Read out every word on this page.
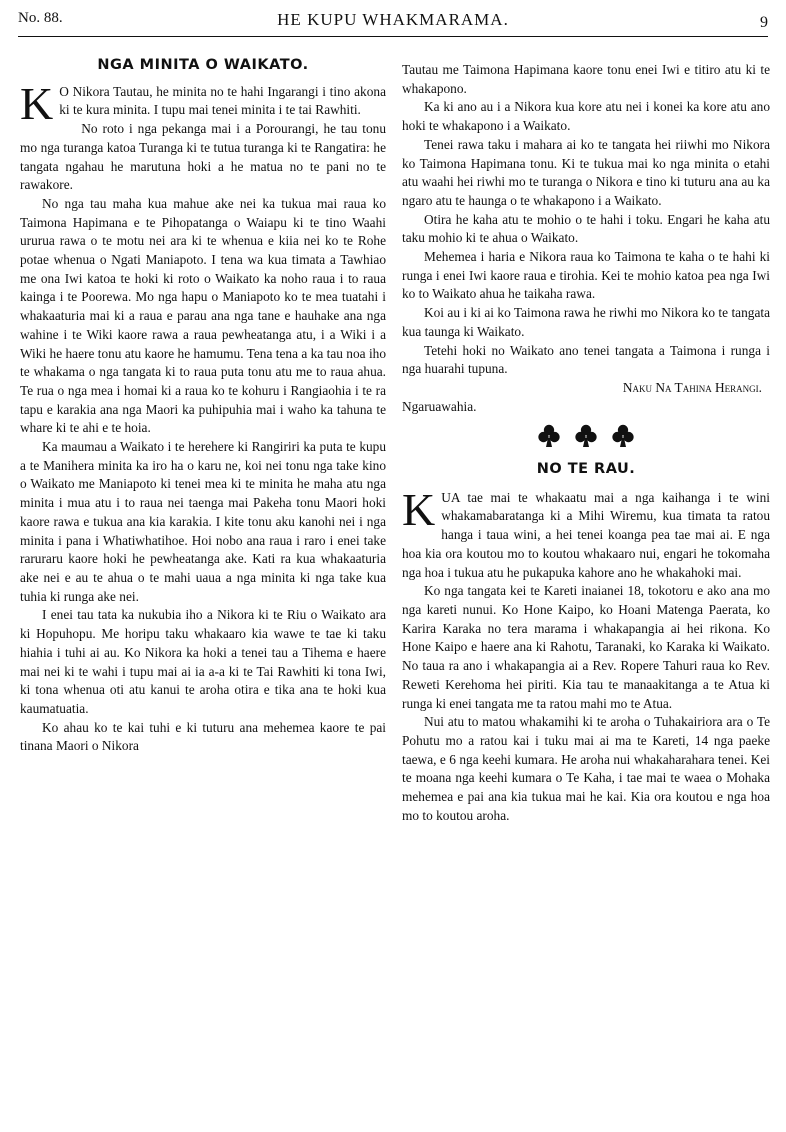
No. 88.	HE KUPU WHAKMARAMA.	9
NGA MINITA O WAIKATO.

K O Nikora Tautau, he minita no te hahi Ingarangi i tino akona ki te kura minita. I tupu mai tenei minita i te tai Rawhiti.

No roto i nga pekanga mai i a Porourangi, he tau tonu mo nga turanga katoa Turanga ki te tutua turanga ki te Rangatira: he tangata ngahau he marutuna hoki a he matua no te pani no te rawakore.

No nga tau maha kua mahue ake nei ka tukua mai raua ko Taimona Hapimana e te Pihopatanga o Waiapu ki te tino Waahi ururua rawa o te motu nei ara ki te whenua e kiia nei ko te Rohe potae whenua o Ngati Maniapoto. I tena wa kua timata a Tawhiao me ona Iwi katoa te hoki ki roto o Waikato ka noho raua i to raua kainga i te Poorewa. Mo nga hapu o Maniapoto ko te mea tuatahi i whakaaturia mai ki a raua e parau ana nga tane e hauhake ana nga wahine i te Wiki kaore rawa a raua pewheatanga atu, i a Wiki i a Wiki he haere tonu atu kaore he hamumu. Tena tena a ka tau noa iho te whakama o nga tangata ki to raua puta tonu atu me to raua ahua. Te rua o nga mea i homai ki a raua ko te kohuru i Rangiaohia i te ra tapu e karakia ana nga Maori ka puhipuhia mai i waho ka tahuna te whare ki te ahi e te hoia.

Ka maumau a Waikato i te herehere ki Rangiriri ka puta te kupu a te Manihera minita ka iro ha o karu ne, koi nei tonu nga take kino o Waikato me Maniapoto ki tenei mea ki te minita he maha atu nga minita i mua atu i to raua nei taenga mai Pakeha tonu Maori hoki kaore rawa e tukua ana kia karakia. I kite tonu aku kanohi nei i nga minita i pana i Whatiwhatihoe. Hoi nobo ana raua i raro i enei take raruraru kaore hoki he pewheatanga ake. Kati ra kua whakaaturia ake nei e au te ahua o te mahi uaua a nga minita ki nga take kua tuhia ki runga ake nei.

I enei tau tata ka nukubia iho a Nikora ki te Riu o Waikato ara ki Hopuhopu. Me horipu taku whakaaro kia wawe te tae ki taku hiahia i tuhi ai au. Ko Nikora ka hoki a tenei tau a Tihema e haere mai nei ki te wahi i tupu mai ai ia a-a ki te Tai Rawhiti ki tona Iwi, ki tona whenua oti atu kanui te aroha otira e tika ana te hoki kua kaumatuatia.

Ko ahau ko te kai tuhi e ki tuturu ana mehemea kaore te pai tinana Maori o Nikora

Tautau me Taimona Hapimana kaore tonu enei Iwi e titiro atu ki te whakapono.

Ka ki ano au i a Nikora kua kore atu nei i konei ka kore atu ano hoki te whakapono i a Waikato.

Tenei rawa taku i mahara ai ko te tangata hei riiwhi mo Nikora ko Taimona Hapimana tonu. Ki te tukua mai ko nga minita o etahi atu waahi hei riwhi mo te turanga o Nikora e tino ki tuturu ana au ka ngaro atu te haunga o te whakapono i a Waikato.

Otira he kaha atu te mohio o te hahi i toku. Engari he kaha atu taku mohio ki te ahua o Waikato.

Mehemea i haria e Nikora raua ko Taimona te kaha o te hahi ki runga i enei Iwi kaore raua e tirohia. Kei te mohio katoa pea nga Iwi ko to Waikato ahua he taikaha rawa.

Koi au i ki ai ko Taimona rawa he riwhi mo Nikora ko te tangata kua taunga ki Waikato.

Tetehi hoki no Waikato ano tenei tangata a Taimona i runga i nga huarahi tupuna.

Naku Na Tahina Herangi.

Ngaruawahia.

NO TE RAU.

KUA tae mai te whakaatu mai a nga kaihanga i te wini whakamabaratanga ki a Mihi Wiremu, kua timata ta ratou hanga i taua wini, a hei tenei koanga pea tae mai ai. E nga hoa kia ora koutou mo to koutou whakaaro nui, engari he tokomaha nga hoa i tukua atu he pukapuka kahore ano he whakahoki mai.

Ko nga tangata kei te Kareti inaianei 18, tokotoru e ako ana mo nga kareti nunui. Ko Hone Kaipo, ko Hoani Matenga Paerata, ko Karira Karaka no tera marama i whakapangia ai hei rikona. Ko Hone Kaipo e haere ana ki Rahotu, Taranaki, ko Karaka ki Waikato. No taua ra ano i whakapangia ai a Rev. Ropere Tahuri raua ko Rev. Reweti Kerehoma hei piriti. Kia tau te manaakitanga a te Atua ki runga ki enei tangata me ta ratou mahi mo te Atua.

Nui atu to matou whakamihi ki te aroha o Tuhakairiora ara o Te Pohutu mo a ratou kai i tuku mai ai ma te Kareti, 14 nga paeke taewa, e 6 nga keehi kumara. He aroha nui whakaharahara tenei. Kei te moana nga keehi kumara o Te Kaha, i tae mai te waea o Mohaka mehemea e pai ana kia tukua mai he kai. Kia ora koutou e nga hoa mo to koutou aroha.
